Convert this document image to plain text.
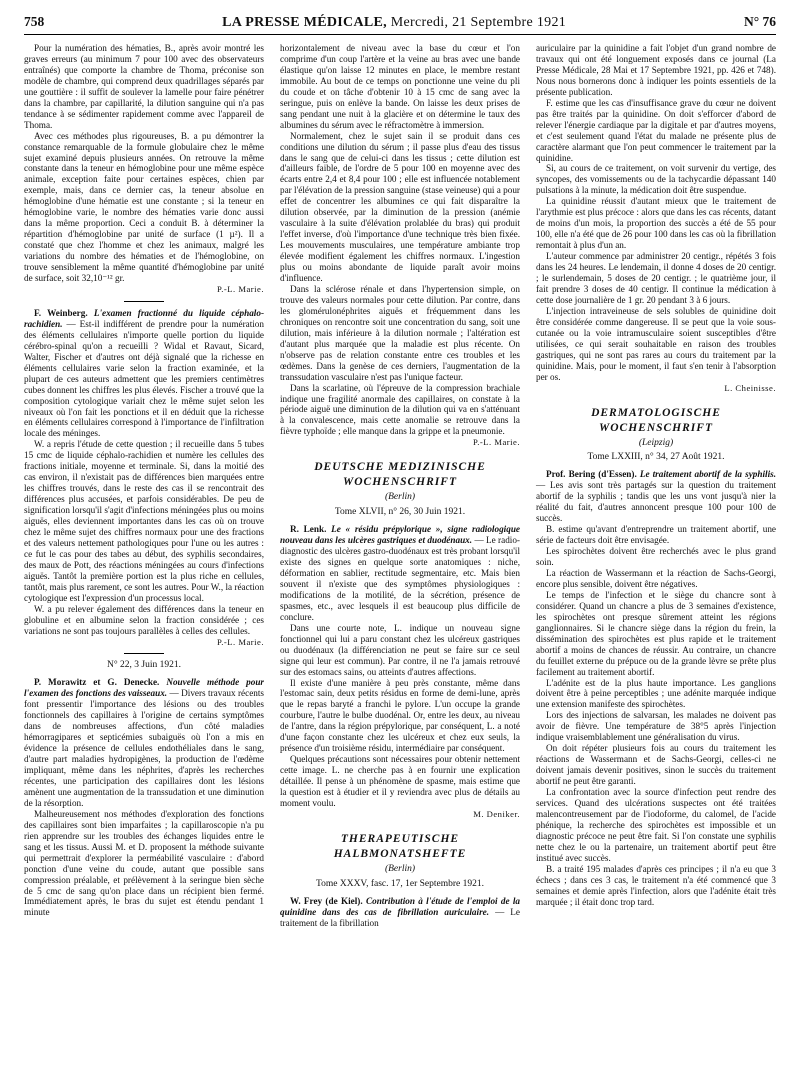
758	LA PRESSE MÉDICALE, Mercredi, 21 Septembre 1921	N° 76

Pour la numération des hématies, B., après avoir montré les graves erreurs (au minimum 7 pour 100 avec des observateurs entraînés) que comporte la chambre de Thoma, préconise son modèle de chambre, qui comprend deux quadrillages séparés par une gouttière : il suffit de soulever la lamelle pour faire pénétrer dans la chambre, par capillarité, la dilution sanguine qui n'a pas tendance à se sédimenter rapidement comme avec l'appareil de Thoma.

Avec ces méthodes plus rigoureuses, B. a pu démontrer la constance remarquable de la formule globulaire chez le même sujet examiné depuis plusieurs années. On retrouve la même constante dans la teneur en hémoglobine pour une même espèce animale, exception faite pour certaines espèces, chien par exemple, mais, dans ce dernier cas, la teneur absolue en hémoglobine d'une hématie est une constante ; si la teneur en hémoglobine varie, le nombre des hématies varie donc aussi dans la même proportion. Ceci a conduit B. à déterminer la répartition d'hémoglobine par unité de surface (1 µ²). Il a constaté que chez l'homme et chez les animaux, malgré les variations du nombre des hématies et de l'hémoglobine, on trouve sensiblement la même quantité d'hémoglobine par unité de surface, soit 32,10⁻¹² gr.

P.-L. Marie.

F. Weinberg. L'examen fractionné du liquide céphalo-rachidien. — Est-il indifférent de prendre pour la numération des éléments cellulaires n'importe quelle portion du liquide cérébro-spinal qu'on a recueilli ? Widal et Ravaut, Sicard, Walter, Fischer et d'autres ont déjà signalé que la richesse en éléments cellulaires varie selon la fraction examinée, et la plupart de ces auteurs admettent que les premiers centimètres cubes donnent les chiffres les plus élevés. Fischer a trouvé que la composition cytologique variait chez le même sujet selon les niveaux où l'on fait les ponctions et il en déduit que la richesse en éléments cellulaires correspond à l'importance de l'infiltration locale des méninges.

W. a repris l'étude de cette question ; il recueille dans 5 tubes 15 cmc de liquide céphalo-rachidien et numère les cellules des fractions initiale, moyenne et terminale. Si, dans la moitié des cas environ, il n'existait pas de différences bien marquées entre les chiffres trouvés, dans le reste des cas il se rencontrait des différences plus accusées, et parfois considérables. De peu de signification lorsqu'il s'agit d'infections méningées plus ou moins aiguës, elles deviennent importantes dans les cas où on trouve chez le même sujet des chiffres normaux pour une des fractions et des valeurs nettement pathologiques pour l'une ou les autres : ce fut le cas pour des tabes au début, des syphilis secondaires, des maux de Pott, des réactions méningées au cours d'infections aiguës. Tantôt la première portion est la plus riche en cellules, tantôt, mais plus rarement, ce sont les autres. Pour W., la réaction cytologique est l'expression d'un processus local.

W. a pu relever également des différences dans la teneur en globuline et en albumine selon la fraction considérée ; ces variations ne sont pas toujours parallèles à celles des cellules.

P.-L. Marie.
N° 22, 3 Juin 1921.

P. Morawitz et G. Denecke. Nouvelle méthode pour l'examen des fonctions des vaisseaux. — Divers travaux récents font pressentir l'importance des lésions ou des troubles fonctionnels des capillaires à l'origine de certains symptômes dans de nombreuses affections, d'un côté maladies hémorragipares et septicémies subaiguës où l'on a mis en évidence la présence de cellules endothéliales dans le sang, d'autre part maladies hydropigènes, la production de l'œdème impliquant, même dans les néphrites, d'après les recherches récentes, une participation des capillaires dont les lésions amènent une augmentation de la transsudation et une diminution de la résorption.

Malheureusement nos méthodes d'exploration des fonctions des capillaires sont bien imparfaites ; la capillaroscopie n'a pu rien apprendre sur les troubles des échanges liquides entre le sang et les tissus. Aussi M. et D. proposent la méthode suivante qui permettrait d'explorer la perméabilité vasculaire : d'abord ponction d'une veine du coude, autant que possible sans compression préalable, et prélèvement à la seringue bien sèche de 5 cmc de sang qu'on place dans un récipient bien fermé. Immédiatement après, le bras du sujet est étendu pendant 1 minute

horizontalement de niveau avec la base du cœur et l'on comprime d'un coup l'artère et la veine au bras avec une bande élastique qu'on laisse 12 minutes en place, le membre restant immobile. Au bout de ce temps on ponctionne une veine du pli du coude et on tâche d'obtenir 10 à 15 cmc de sang avec la seringue, puis on enlève la bande. On laisse les deux prises de sang pendant une nuit à la glacière et on détermine le taux des albumines du sérum avec le réfractomètre à immersion.

Normalement, chez le sujet sain il se produit dans ces conditions une dilution du sérum ; il passe plus d'eau des tissus dans le sang que de celui-ci dans les tissus ; cette dilution est d'ailleurs faible, de l'ordre de 5 pour 100 en moyenne avec des écarts entre 2,4 et 8,4 pour 100 ; elle est influencée notablement par l'élévation de la pression sanguine (stase veineuse) qui a pour effet de concentrer les albumines ce qui fait disparaître la dilution observée, par la diminution de la pression (anémie vasculaire à la suite d'élévation prolablée du bras) qui produit l'effet inverse, d'où l'importance d'une technique très bien fixée. Les mouvements musculaires, une température ambiante trop élevée modifient également les chiffres normaux. L'ingestion plus ou moins abondante de liquide paraît avoir moins d'influence.

Dans la sclérose rénale et dans l'hypertension simple, on trouve des valeurs normales pour cette dilution. Par contre, dans les glomérulonéphrites aiguës et fréquemment dans les chroniques on rencontre soit une concentration du sang, soit une dilution, mais inférieure à la dilution normale ; l'altération est d'autant plus marquée que la maladie est plus récente. On n'observe pas de relation constante entre ces troubles et les œdèmes. Dans la genèse de ces derniers, l'augmentation de la transsudation vasculaire n'est pas l'unique facteur.

Dans la scarlatine, où l'épreuve de la compression brachiale indique une fragilité anormale des capillaires, on constate à la période aiguë une diminution de la dilution qui va en s'atténuant à la convalescence, mais cette anomalie se retrouve dans la fièvre typhoïde ; elle manque dans la grippe et la pneumonie.

P.-L. Marie.
DEUTSCHE MEDIZINISCHE WOCHENSCHRIFT
(Berlin)
Tome XLVII, n° 26, 30 Juin 1921.

R. Lenk. Le « résidu prépylorique », signe radiologique nouveau dans les ulcères gastriques et duodénaux. — Le radio-diagnostic des ulcères gastro-duodénaux est très probant lorsqu'il existe des signes en quelque sorte anatomiques : niche, déformation en sablier, rectitude segmentaire, etc. Mais bien souvent il n'existe que des symptômes physiologiques : modifications de la motilité, de la sécrétion, présence de spasmes, etc., avec lesquels il est beaucoup plus difficile de conclure.

Dans une courte note, L. indique un nouveau signe fonctionnel qui lui a paru constant chez les ulcéreux gastriques ou duodénaux (la différenciation ne peut se faire sur ce seul signe qui leur est commun). Par contre, il ne l'a jamais retrouvé sur des estomacs sains, ou atteints d'autres affections.

Il existe d'une manière à peu près constante, même dans l'estomac sain, deux petits résidus en forme de demi-lune, après que le repas baryté a franchi le pylore. L'un occupe la grande courbure, l'autre le bulbe duodénal. Or, entre les deux, au niveau de l'antre, dans la région prépylorique, par conséquent, L. a noté d'une façon constante chez les ulcéreux et chez eux seuls, la présence d'un troisième résidu, intermédiaire par conséquent.

Quelques précautions sont nécessaires pour obtenir nettement cette image. L. ne cherche pas à en fournir une explication détaillée. Il pense à un phénomène de spasme, mais estime que la question est à étudier et il y reviendra avec plus de détails au moment voulu.

M. Deniker.
THERAPEUTISCHE HALBMONATSHEFTE
(Berlin)
Tome XXXV, fasc. 17, 1er Septembre 1921.

W. Frey (de Kiel). Contribution à l'étude de l'emploi de la quinidine dans des cas de fibrillation auriculaire. — Le traitement de la fibrillation

auriculaire par la quinidine a fait l'objet d'un grand nombre de travaux qui ont été longuement exposés dans ce journal (La Presse Médicale, 28 Mai et 17 Septembre 1921, pp. 426 et 748). Nous nous bornerons donc à indiquer les points essentiels de la présente publication.

F. estime que les cas d'insuffisance grave du cœur ne doivent pas être traités par la quinidine. On doit s'efforcer d'abord de relever l'énergie cardiaque par la digitale et par d'autres moyens, et c'est seulement quand l'état du malade ne présente plus de caractère alarmant que l'on peut commencer le traitement par la quinidine.

Si, au cours de ce traitement, on voit survenir du vertige, des syncopes, des vomissements ou de la tachycardie dépassant 140 pulsations à la minute, la médication doit être suspendue.

La quinidine réussit d'autant mieux que le traitement de l'arythmie est plus précoce : alors que dans les cas récents, datant de moins d'un mois, la proportion des succès a été de 55 pour 100, elle n'a été que de 26 pour 100 dans les cas où la fibrillation remontait à plus d'un an.

L'auteur commence par administrer 20 centigr., répétés 3 fois dans les 24 heures. Le lendemain, il donne 4 doses de 20 centigr. ; le surlendemain, 5 doses de 20 centigr. ; le quatrième jour, il fait prendre 3 doses de 40 centigr. Il continue la médication à cette dose journalière de 1 gr. 20 pendant 3 à 6 jours.

L'injection intraveineuse de sels solubles de quinidine doit être considérée comme dangereuse. Il se peut que la voie sous-cutanée ou la voie intramusculaire soient susceptibles d'être utilisées, ce qui serait souhaitable en raison des troubles gastriques, qui ne sont pas rares au cours du traitement par la quinidine. Mais, pour le moment, il faut s'en tenir à l'absorption per os.

L. Cheinisse.
DERMATOLOGISCHE WOCHENSCHRIFT
(Leipzig)
Tome LXXIII, n° 34, 27 Août 1921.

Prof. Bering (d'Essen). Le traitement abortif de la syphilis. — Les avis sont très partagés sur la question du traitement abortif de la syphilis ; tandis que les uns vont jusqu'à nier la réalité du fait, d'autres annoncent presque 100 pour 100 de succès.

B. estime qu'avant d'entreprendre un traitement abortif, une série de facteurs doit être envisagée.

Les spirochètes doivent être recherchés avec le plus grand soin.

La réaction de Wassermann et la réaction de Sachs-Georgi, encore plus sensible, doivent être négatives.

Le temps de l'infection et le siège du chancre sont à considérer. Quand un chancre a plus de 3 semaines d'existence, les spirochètes ont presque sûrement atteint les régions ganglionnaires. Si le chancre siège dans la région du frein, la dissémination des spirochètes est plus rapide et le traitement abortif a moins de chances de réussir. Au contraire, un chancre du feuillet externe du prépuce ou de la grande lèvre se prête plus facilement au traitement abortif.

L'adénite est de la plus haute importance. Les ganglions doivent être à peine perceptibles ; une adénite marquée indique une extension manifeste des spirochètes.

Lors des injections de salvarsan, les malades ne doivent pas avoir de fièvre. Une température de 38°5 après l'injection indique vraisemblablement une généralisation du virus.

On doit répéter plusieurs fois au cours du traitement les réactions de Wassermann et de Sachs-Georgi, celles-ci ne doivent jamais devenir positives, sinon le succès du traitement abortif ne peut être garanti.

La confrontation avec la source d'infection peut rendre des services. Quand des ulcérations suspectes ont été traitées malencontreusement par de l'iodoforme, du calomel, de l'acide phénique, la recherche des spirochètes est impossible et un diagnostic précoce ne peut être fait. Si l'on constate une syphilis nette chez le ou la partenaire, un traitement abortif peut être institué avec succès.

B. a traité 195 malades d'après ces principes ; il n'a eu que 3 échecs ; dans ces 3 cas, le traitement n'a été commencé que 3 semaines et demie après l'infection, alors que l'adénite était très marquée ; il était donc trop tard.
